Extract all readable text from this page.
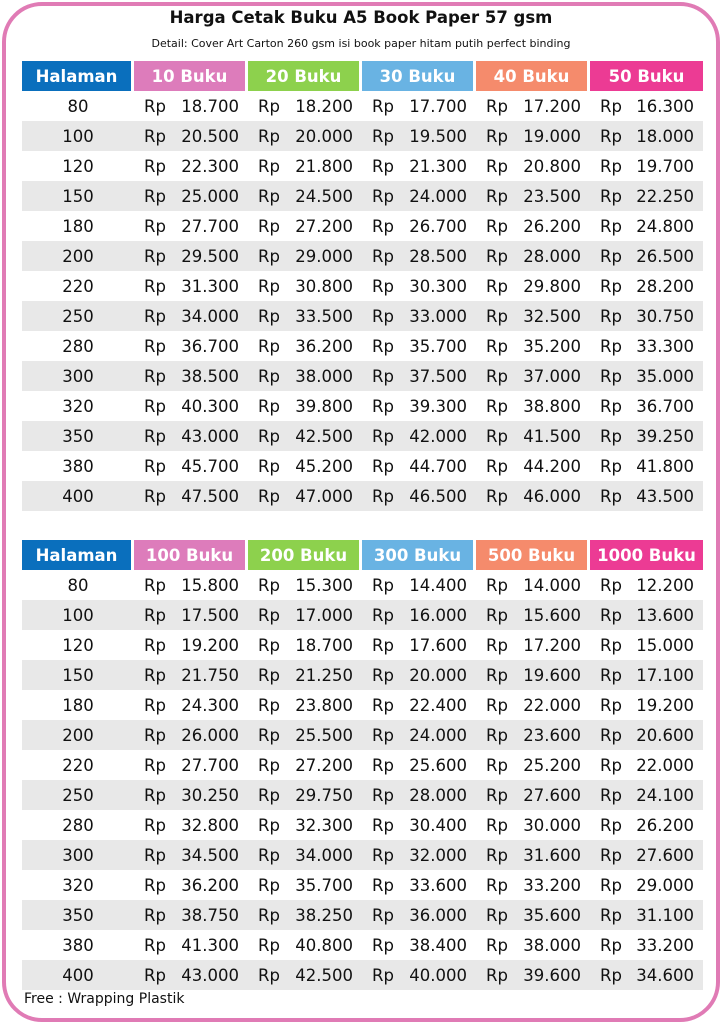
Harga Cetak Buku A5 Book Paper 57 gsm
Detail: Cover Art Carton 260 gsm isi book paper hitam putih perfect binding
Halaman	10 Buku	20 Buku	30 Buku	40 Buku	50 Buku
80	Rp 18.700	Rp 18.200	Rp 17.700	Rp 17.200	Rp 16.300

100	Rp 20.500	Rp 20.000	Rp 19.500	Rp 19.000	Rp 18.000

120	Rp 22.300	Rp 21.800	Rp 21.300	Rp 20.800	Rp 19.700

150	Rp 25.000	Rp 24.500	Rp 24.000	Rp 23.500	Rp 22.250

180	Rp 27.700	Rp 27.200	Rp 26.700	Rp 26.200	Rp 24.800

200	Rp 29.500	Rp 29.000	Rp 28.500	Rp 28.000	Rp 26.500

220	Rp 31.300	Rp 30.800	Rp 30.300	Rp 29.800	Rp 28.200

250	Rp 34.000	Rp 33.500	Rp 33.000	Rp 32.500	Rp 30.750

280	Rp 36.700	Rp 36.200	Rp 35.700	Rp 35.200	Rp 33.300

300	Rp 38.500	Rp 38.000	Rp 37.500	Rp 37.000	Rp 35.000

320	Rp 40.300	Rp 39.800	Rp 39.300	Rp 38.800	Rp 36.700

350	Rp 43.000	Rp 42.500	Rp 42.000	Rp 41.500	Rp 39.250

380	Rp 45.700	Rp 45.200	Rp 44.700	Rp 44.200	Rp 41.800

400	Rp 47.500	Rp 47.000	Rp 46.500	Rp 46.000	Rp 43.500
Halaman	100 Buku	200 Buku	300 Buku	500 Buku	1000 Buku
80	Rp 15.800	Rp 15.300	Rp 14.400	Rp 14.000	Rp 12.200

100	Rp 17.500	Rp 17.000	Rp 16.000	Rp 15.600	Rp 13.600

120	Rp 19.200	Rp 18.700	Rp 17.600	Rp 17.200	Rp 15.000

150	Rp 21.750	Rp 21.250	Rp 20.000	Rp 19.600	Rp 17.100

180	Rp 24.300	Rp 23.800	Rp 22.400	Rp 22.000	Rp 19.200

200	Rp 26.000	Rp 25.500	Rp 24.000	Rp 23.600	Rp 20.600

220	Rp 27.700	Rp 27.200	Rp 25.600	Rp 25.200	Rp 22.000

250	Rp 30.250	Rp 29.750	Rp 28.000	Rp 27.600	Rp 24.100

280	Rp 32.800	Rp 32.300	Rp 30.400	Rp 30.000	Rp 26.200

300	Rp 34.500	Rp 34.000	Rp 32.000	Rp 31.600	Rp 27.600

320	Rp 36.200	Rp 35.700	Rp 33.600	Rp 33.200	Rp 29.000

350	Rp 38.750	Rp 38.250	Rp 36.000	Rp 35.600	Rp 31.100

380	Rp 41.300	Rp 40.800	Rp 38.400	Rp 38.000	Rp 33.200

400	Rp 43.000	Rp 42.500	Rp 40.000	Rp 39.600	Rp 34.600
Free : Wrapping Plastik
